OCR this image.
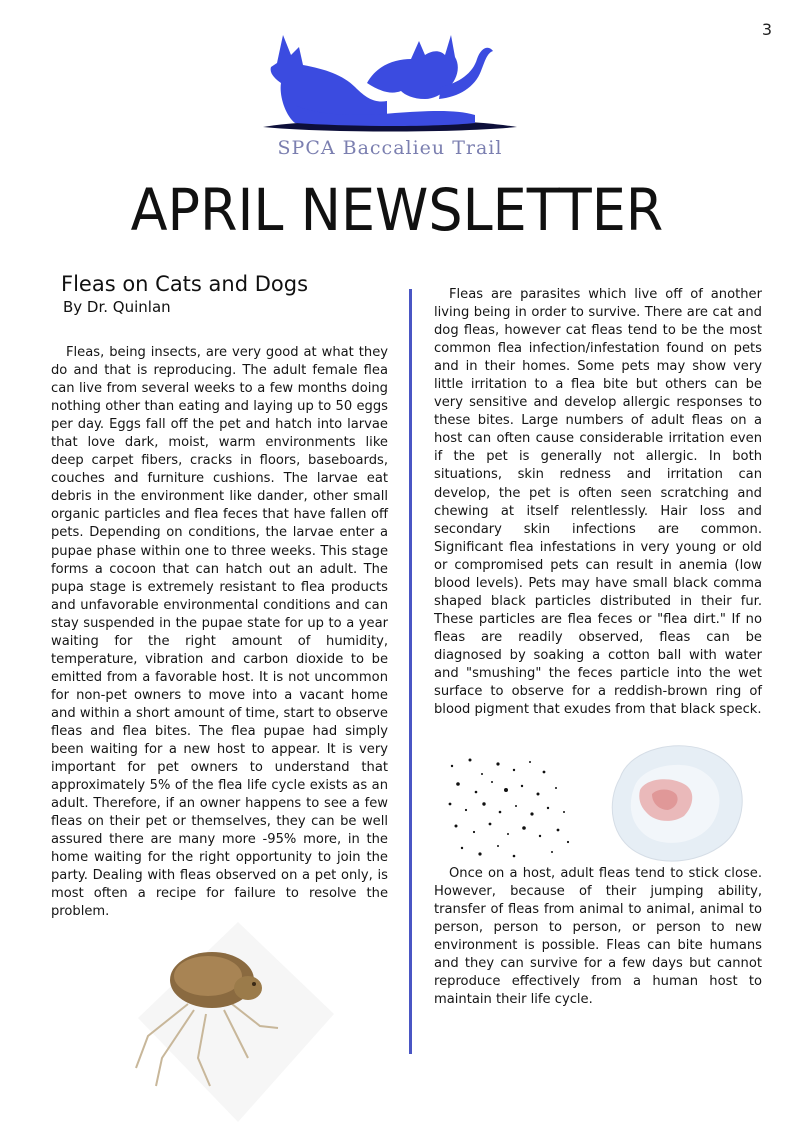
3
SPCA Baccalieu Trail
APRIL NEWSLETTER
Fleas on Cats and Dogs
By Dr. Quinlan

Fleas, being insects, are very good at what they do and that is reproducing. The adult female flea can live from several weeks to a few months doing nothing other than eating and laying up to 50 eggs per day. Eggs fall off the pet and hatch into larvae that love dark, moist, warm environments like deep carpet fibers, cracks in floors, baseboards, couches and furniture cushions. The larvae eat debris in the environment like dander, other small organic particles and flea feces that have fallen off pets. Depending on conditions, the larvae enter a pupae phase within one to three weeks. This stage forms a cocoon that can hatch out an adult. The pupa stage is extremely resistant to flea products and unfavorable environmental conditions and can stay suspended in the pupae state for up to a year waiting for the right amount of humidity, temperature, vibration and carbon dioxide to be emitted from a favorable host. It is not uncommon for non-pet owners to move into a vacant home and within a short amount of time, start to observe fleas and flea bites. The flea pupae had simply been waiting for a new host to appear. It is very important for pet owners to understand that approximately 5% of the flea life cycle exists as an adult. Therefore, if an owner happens to see a few fleas on their pet or themselves, they can be well assured there are many more -95% more, in the home waiting for the right opportunity to join the party. Dealing with fleas observed on a pet only, is most often a recipe for failure to resolve the problem.

Fleas are parasites which live off of another living being in order to survive. There are cat and dog fleas, however cat fleas tend to be the most common flea infection/infestation found on pets and in their homes. Some pets may show very little irritation to a flea bite but others can be very sensitive and develop allergic responses to these bites. Large numbers of adult fleas on a host can often cause considerable irritation even if the pet is generally not allergic. In both situations, skin redness and irritation can develop, the pet is often seen scratching and chewing at itself relentlessly. Hair loss and secondary skin infections are common. Significant flea infestations in very young or old or compromised pets can result in anemia (low blood levels). Pets may have small black comma shaped black particles distributed in their fur. These particles are flea feces or "flea dirt." If no fleas are readily observed, fleas can be diagnosed by soaking a cotton ball with water and "smushing" the feces particle into the wet surface to observe for a reddish-brown ring of blood pigment that exudes from that black speck.

Once on a host, adult fleas tend to stick close. However, because of their jumping ability, transfer of fleas from animal to animal, animal to person, person to person, or person to new environment is possible. Fleas can bite humans and they can survive for a few days but cannot reproduce effectively from a human host to maintain their life cycle.
